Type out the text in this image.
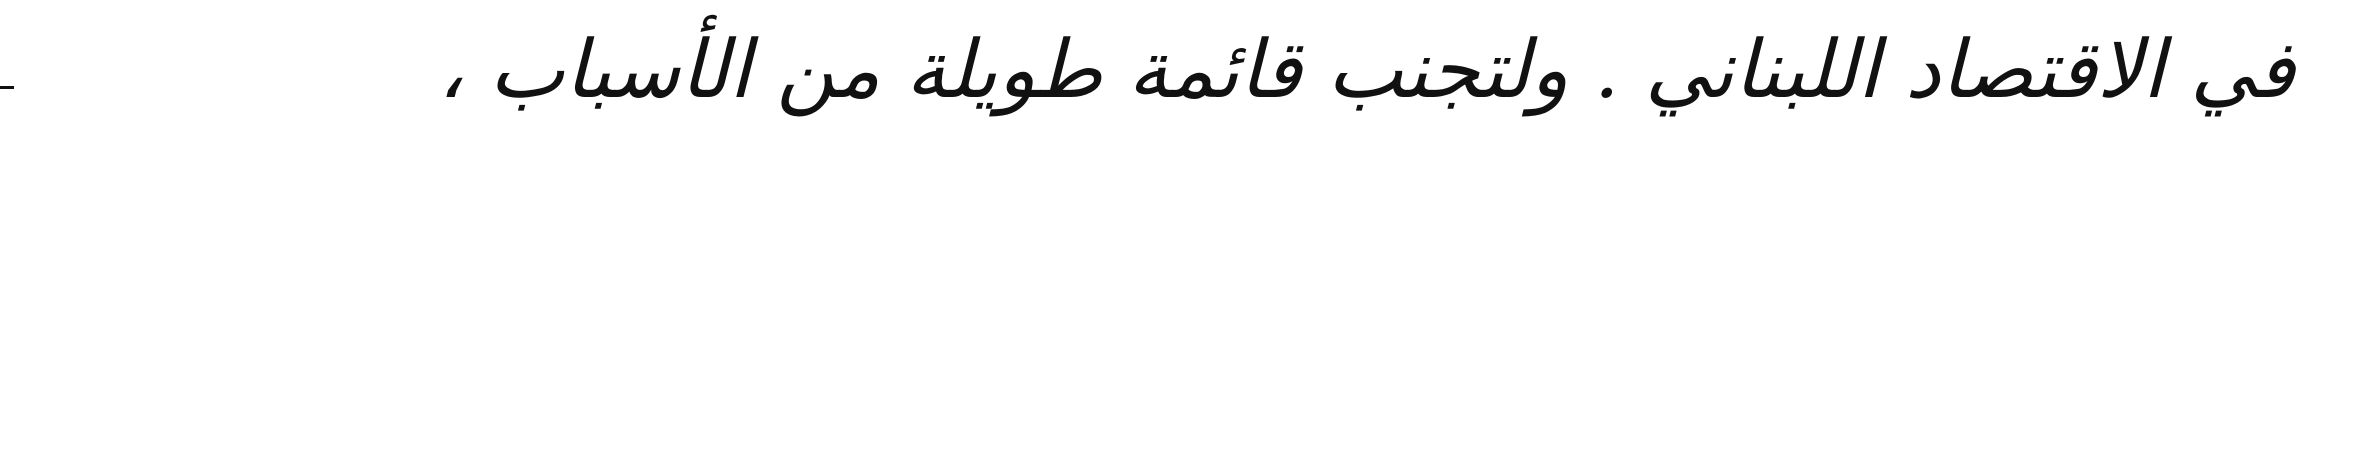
في الاقتصاد اللبناني . ولتجنب قائمة طويلة من الأسباب ،
